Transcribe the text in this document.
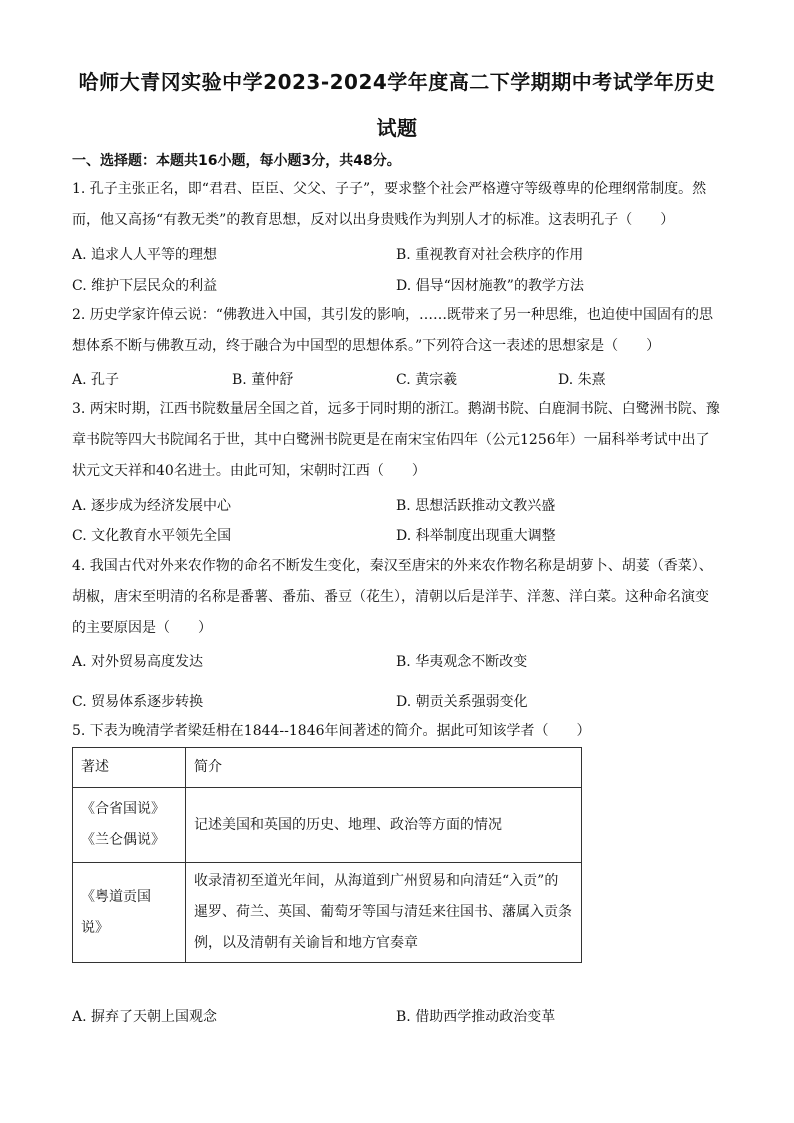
哈师大青冈实验中学2023-2024学年度高二下学期期中考试学年历史
试题
一、选择题：本题共16小题，每小题3分，共48分。
1. 孔子主张正名，即“君君、臣臣、父父、子子”，要求整个社会严格遵守等级尊卑的伦理纲常制度。然
而，他又高扬“有教无类”的教育思想，反对以出身贵贱作为判别人才的标准。这表明孔子（　　）
A. 追求人人平等的理想	B. 重视教育对社会秩序的作用
C. 维护下层民众的利益	D. 倡导“因材施教”的教学方法
2. 历史学家许倬云说：“佛教进入中国，其引发的影响，……既带来了另一种思维，也迫使中国固有的思
想体系不断与佛教互动，终于融合为中国型的思想体系。”下列符合这一表述的思想家是（　　）
A. 孔子	B. 董仲舒	C. 黄宗羲	D. 朱熹
3. 两宋时期，江西书院数量居全国之首，远多于同时期的浙江。鹅湖书院、白鹿洞书院、白鹭洲书院、豫
章书院等四大书院闻名于世，其中白鹭洲书院更是在南宋宝佑四年（公元1256年）一届科举考试中出了
状元文天祥和40名进士。由此可知，宋朝时江西（　　）
A. 逐步成为经济发展中心	B. 思想活跃推动文教兴盛
C. 文化教育水平领先全国	D. 科举制度出现重大调整
4. 我国古代对外来农作物的命名不断发生变化，秦汉至唐宋的外来农作物名称是胡萝卜、胡荽（香菜）、
胡椒，唐宋至明清的名称是番薯、番茄、番豆（花生），清朝以后是洋芋、洋葱、洋白菜。这种命名演变
的主要原因是（　　）
A. 对外贸易高度发达	B. 华夷观念不断改变
C. 贸易体系逐步转换	D. 朝贡关系强弱变化
5. 下表为晚清学者梁廷枏在1844--1846年间著述的简介。据此可知该学者（　　）
著述	简介

《合省国说》
《兰仑偶说》	记述美国和英国的历史、地理、政治等方面的情况

《粤道贡国
说》	收录清初至道光年间，从海道到广州贸易和向清廷“入贡”的
暹罗、荷兰、英国、葡萄牙等国与清廷来往国书、藩属入贡条
例，以及清朝有关谕旨和地方官奏章
A. 摒弃了天朝上国观念	B. 借助西学推动政治变革
